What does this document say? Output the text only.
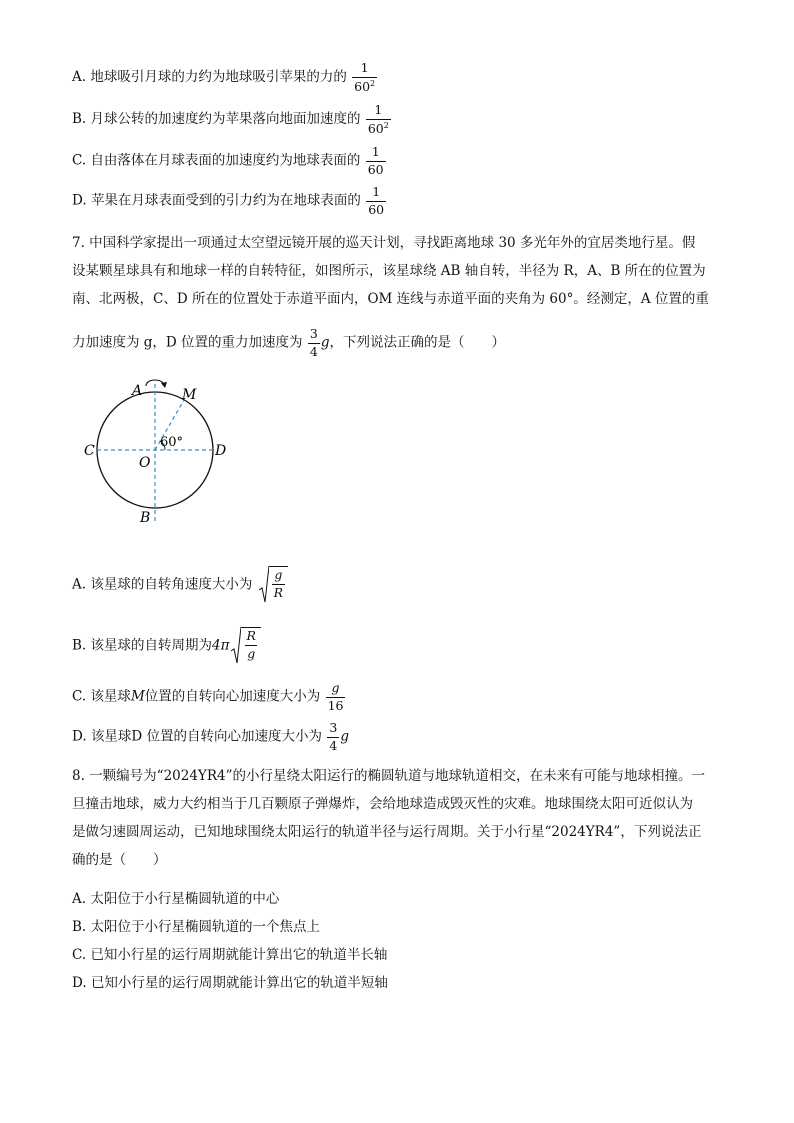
A. 地球吸引月球的力约为地球吸引苹果的力的 $\frac{1}{60^2}$
B. 月球公转的加速度约为苹果落向地面加速度的 $\frac{1}{60^2}$
C. 自由落体在月球表面的加速度约为地球表面的 $\frac{1}{60}$
D. 苹果在月球表面受到的引力约为在地球表面的 $\frac{1}{60}$
7. 中国科学家提出一项通过太空望远镜开展的巡天计划，寻找距离地球 30 多光年外的宜居类地行星。假
设某颗星球具有和地球一样的自转特征，如图所示，该星球绕 AB 轴自转，半径为 R，A、B 所在的位置为
南、北两极，C、D 所在的位置处于赤道平面内，OM 连线与赤道平面的夹角为 60°。经测定，A 位置的重
力加速度为 g，D 位置的重力加速度为 $\frac{3}{4}$ g，下列说法正确的是（　　）
A	M
C	D
O
B
60°
A. 该星球的自转角速度大小为 $\frac{g}{R}$
B. 该星球的自转周期为$4\pi \frac{R}{g}$
C. 该星球M位置的自转向心加速度大小为 $\frac{g}{16}$
D. 该星球D 位置的自转向心加速度大小为 $\frac{3}{4}$ g
8. 一颗编号为“2024YR4”的小行星绕太阳运行的椭圆轨道与地球轨道相交，在未来有可能与地球相撞。一
旦撞击地球，威力大约相当于几百颗原子弹爆炸，会给地球造成毁灭性的灾难。地球围绕太阳可近似认为
是做匀速圆周运动，已知地球围绕太阳运行的轨道半径与运行周期。关于小行星“2024YR4”，下列说法正
确的是（　　）
A. 太阳位于小行星椭圆轨道的中心
B. 太阳位于小行星椭圆轨道的一个焦点上
C. 已知小行星的运行周期就能计算出它的轨道半长轴
D. 已知小行星的运行周期就能计算出它的轨道半短轴
